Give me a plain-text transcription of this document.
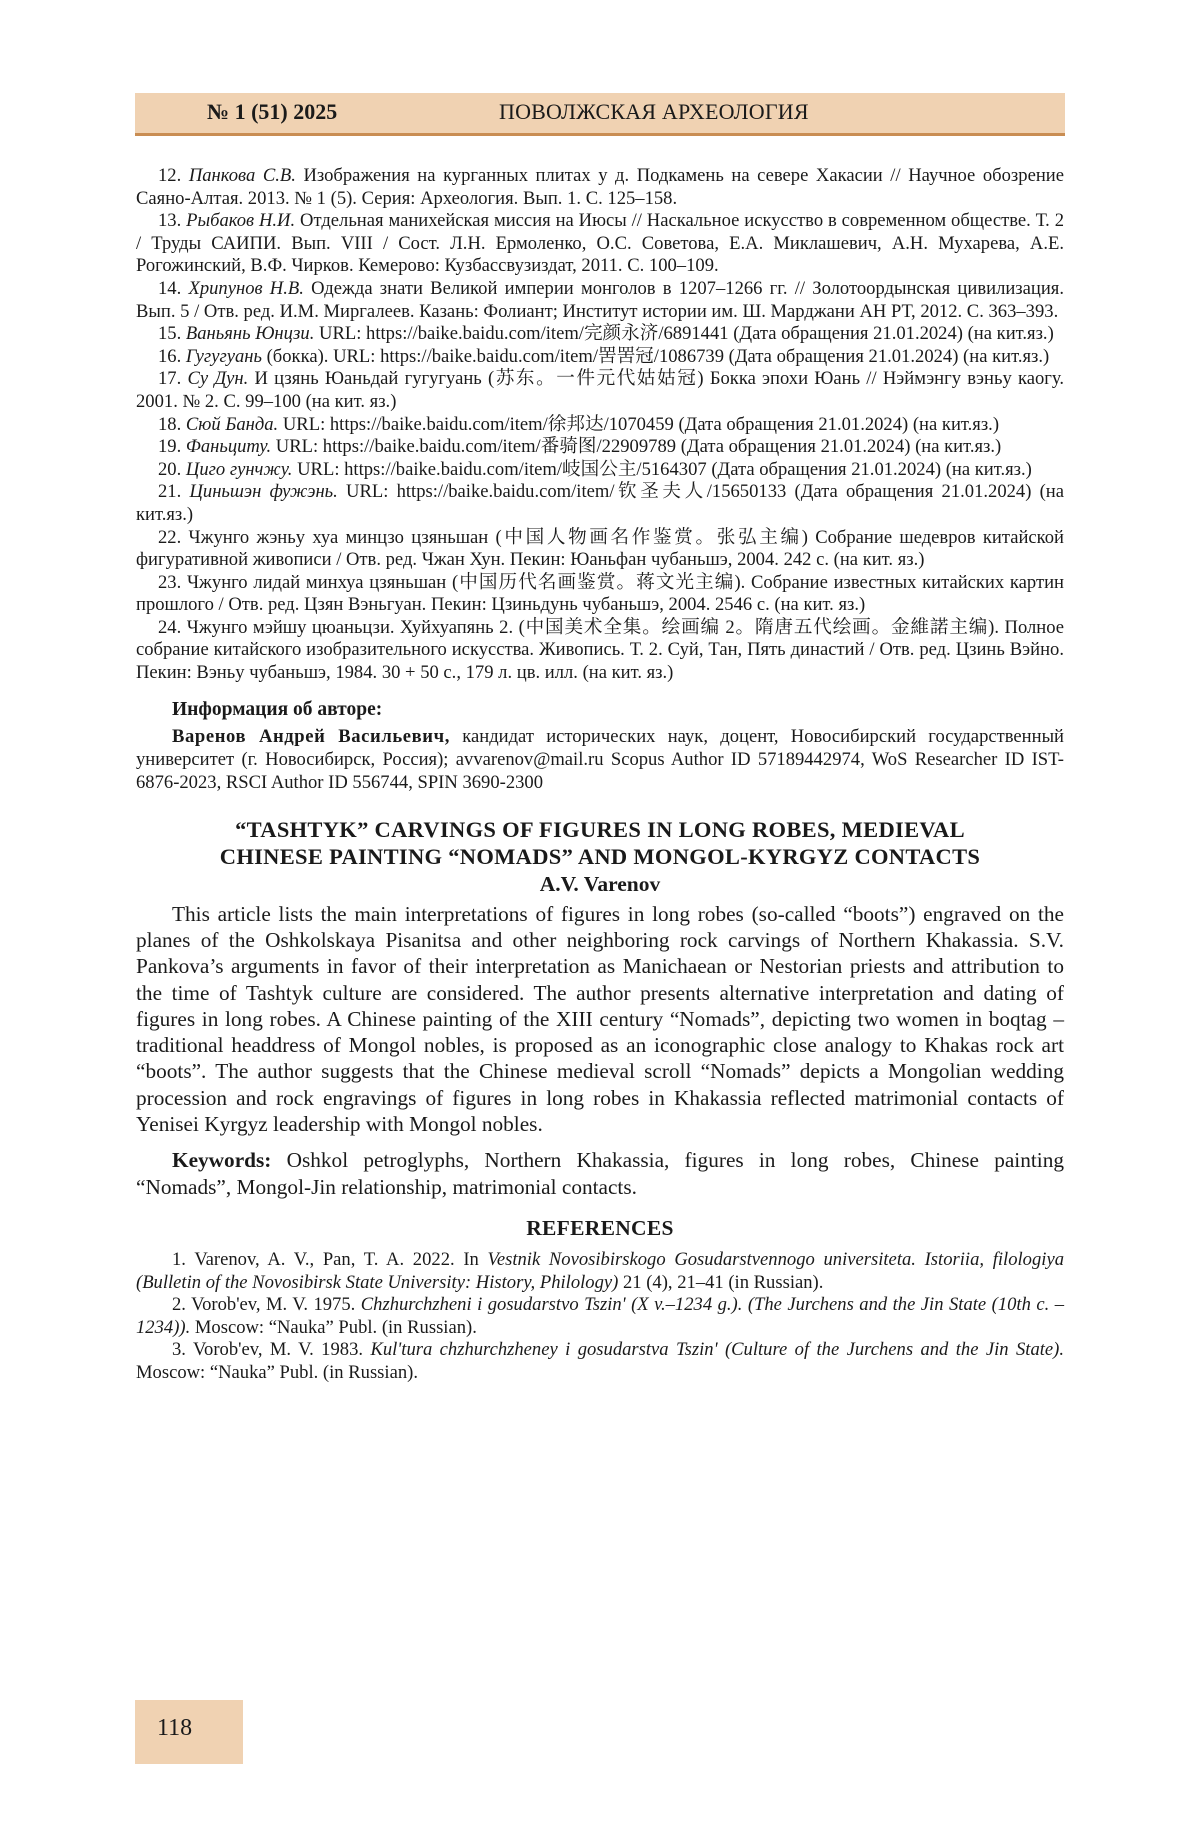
№ 1 (51) 2025	ПОВОЛЖСКАЯ АРХЕОЛОГИЯ

12. Панкова С.В. Изображения на курганных плитах у д. Подкамень на севере Хакасии // Научное обозрение Саяно-Алтая. 2013. № 1 (5). Серия: Археология. Вып. 1. С. 125–158.

13. Рыбаков Н.И. Отдельная манихейская миссия на Июсы // Наскальное искусство в современном обществе. Т. 2 / Труды САИПИ. Вып. VIII / Сост. Л.Н. Ермоленко, О.С. Советова, Е.А. Миклашевич, А.Н. Мухарева, А.Е. Рогожинский, В.Ф. Чирков. Кемерово: Кузбассвузиздат, 2011. С. 100–109.

14. Хрипунов Н.В. Одежда знати Великой империи монголов в 1207–1266 гг. // Золотоордынская цивилизация. Вып. 5 / Отв. ред. И.М. Миргалеев. Казань: Фолиант; Институт истории им. Ш. Марджани АН РТ, 2012. С. 363–393.

15. Ваньянь Юнцзи. URL: https://baike.baidu.com/item/完颜永济/6891441 (Дата обращения 21.01.2024) (на кит.яз.)

16. Гугугуань (бокка). URL: https://baike.baidu.com/item/罟罟冠/1086739 (Дата обращения 21.01.2024) (на кит.яз.)

17. Су Дун. И цзянь Юаньдай гугугуань (苏东。一件元代姑姑冠) Бокка эпохи Юань // Нэймэнгу вэньу каогу. 2001. № 2. С. 99–100 (на кит. яз.)

18. Сюй Банда. URL: https://baike.baidu.com/item/徐邦达/1070459 (Дата обращения 21.01.2024) (на кит.яз.)

19. Фаньциту. URL: https://baike.baidu.com/item/番骑图/22909789 (Дата обращения 21.01.2024) (на кит.яз.)

20. Циго гунчжу. URL: https://baike.baidu.com/item/岐国公主/5164307 (Дата обращения 21.01.2024) (на кит.яз.)

21. Циньшэн фужэнь. URL: https://baike.baidu.com/item/钦圣夫人/15650133 (Дата обращения 21.01.2024) (на кит.яз.)

22. Чжунго жэньу хуа минцзо цзяньшан (中国人物画名作鉴赏。张弘主编) Собрание шедевров китайской фигуративной живописи / Отв. ред. Чжан Хун. Пекин: Юаньфан чубаньшэ, 2004. 242 с. (на кит. яз.)

23. Чжунго лидай минхуа цзяньшан (中国历代名画鉴赏。蒋文光主编). Собрание известных китайских картин прошлого / Отв. ред. Цзян Вэньгуан. Пекин: Цзиньдунь чубаньшэ, 2004. 2546 с. (на кит. яз.)

24. Чжунго мэйшу цюаньцзи. Хуйхуапянь 2. (中国美术全集。绘画编 2。隋唐五代绘画。金維諾主编). Полное собрание китайского изобразительного искусства. Живопись. Т. 2. Суй, Тан, Пять династий / Отв. ред. Цзинь Вэйно. Пекин: Вэньу чубаньшэ, 1984. 30 + 50 с., 179 л. цв. илл. (на кит. яз.)

Информация об авторе:

Варенов Андрей Васильевич, кандидат исторических наук, доцент, Новосибирский государственный университет (г. Новосибирск, Россия); avvarenov@mail.ru Scopus Author ID 57189442974, WoS Researcher ID IST-6876-2023, RSCI Author ID 556744, SPIN 3690-2300

“TASHTYK” CARVINGS OF FIGURES IN LONG ROBES, MEDIEVAL
CHINESE PAINTING “NOMADS” AND MONGOL-KYRGYZ CONTACTS
A.V. Varenov

This article lists the main interpretations of figures in long robes (so-called “boots”) engraved on the planes of the Oshkolskaya Pisanitsa and other neighboring rock carvings of Northern Khakassia. S.V. Pankova’s arguments in favor of their interpretation as Manichaean or Nestorian priests and attribution to the time of Tashtyk culture are considered. The author presents alternative interpretation and dating of figures in long robes. A Chinese painting of the XIII century “Nomads”, depicting two women in boqtag – traditional headdress of Mongol nobles, is proposed as an iconographic close analogy to Khakas rock art “boots”. The author suggests that the Chinese medieval scroll “Nomads” depicts a Mongolian wedding procession and rock engravings of figures in long robes in Khakassia reflected matrimonial contacts of Yenisei Kyrgyz leadership with Mongol nobles.

Keywords: Oshkol petroglyphs, Northern Khakassia, figures in long robes, Chinese painting “Nomads”, Mongol-Jin relationship, matrimonial contacts.

REFERENCES

1. Varenov, A. V., Pan, T. A. 2022. In Vestnik Novosibirskogo Gosudarstvennogo universiteta. Istoriia, filologiya (Bulletin of the Novosibirsk State University: History, Philology) 21 (4), 21–41 (in Russian).

2. Vorob'ev, M. V. 1975. Chzhurchzheni i gosudarstvo Tszin' (X v.–1234 g.). (The Jurchens and the Jin State (10th c. – 1234)). Moscow: “Nauka” Publ. (in Russian).

3. Vorob'ev, M. V. 1983. Kul'tura chzhurchzheney i gosudarstva Tszin' (Culture of the Jurchens and the Jin State). Moscow: “Nauka” Publ. (in Russian).

118
